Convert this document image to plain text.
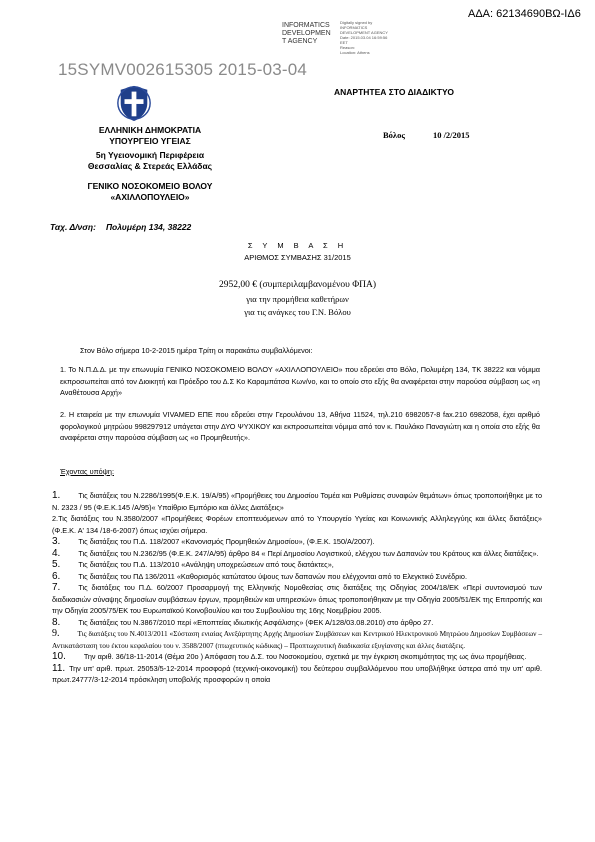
ΑΔΑ: 62134690ΒΩ-ΙΔ6
INFORMATICS
DEVELOPMEN
T AGENCY
Digitally signed by
INFORMATICS
DEVELOPMENT AGENCY
Date: 2015.03.04 16:59:56
EET
Reason:
Location: Athens
15SYMV002615305 2015-03-04
ΑΝΑΡΤΗΤΕΑ ΣΤΟ ΔΙΑΔΙΚΤΥΟ
ΕΛΛΗΝΙΚΗ ΔΗΜΟΚΡΑΤΙΑ
ΥΠΟΥΡΓΕΙΟ ΥΓΕΙΑΣ
5η Υγειονομική Περιφέρεια
Θεσσαλίας & Στερεάς Ελλάδας
ΓΕΝΙΚΟ ΝΟΣΟΚΟΜΕΙΟ ΒΟΛΟΥ
«ΑΧΙΛΛΟΠΟΥΛΕΙΟ»
Βόλος	10 /2/2015
Ταχ. Δ/νση: Πολυμέρη 134, 38222
Σ Υ Μ Β Α Σ Η
ΑΡΙΘΜΟΣ ΣΥΜΒΑΣΗΣ 31/2015
2952,00 € (συμπεριλαμβανομένου ΦΠΑ)
για την προμήθεια καθετήρων
για τις ανάγκες του Γ.Ν. Βόλου
Στον Βόλο σήμερα 10-2-2015 ημέρα Τρίτη οι παρακάτω συμβαλλόμενοι:
1. Το Ν.Π.Δ.Δ. με την επωνυμία ΓΕΝΙΚΟ ΝΟΣΟΚΟΜΕΙΟ ΒΟΛΟΥ «ΑΧΙΛΛΟΠΟΥΛΕΙΟ» που εδρεύει στο Βόλο, Πολυμέρη 134, ΤΚ 38222 και νόμιμα εκπροσωπείται από τον Διοικητή και Πρόεδρο του Δ.Σ Κο Καραμπάτσα Κων/νο, και το οποίο στο εξής θα αναφέρεται στην παρούσα σύμβαση ως «η Αναθέτουσα Αρχή»
2. Η εταιρεία με την επωνυμία VIVAMED ΕΠΕ που εδρεύει στην Γερουλάνου 13, Αθήνα 11524, τηλ.210 6982057-8 fax.210 6982058, έχει αριθμό φορολογικού μητρώου 998297912 υπάγεται στην ΔΥΟ ΨΥΧΙΚΟΥ και εκπροσωπείται νόμιμα από τον κ. Παυλάκο Παναγιώτη και η οποία στο εξής θα αναφέρεται στην παρούσα σύμβαση ως «ο Προμηθευτής».
Έχοντας υπόψη:
1. Τις διατάξεις του Ν.2286/1995(Φ.Ε.Κ. 19/Α/95) «Προμήθειες του Δημοσίου Τομέα και Ρυθμίσεις συναφών θεμάτων» όπως τροποποιήθηκε με το Ν. 2323 / 95 (Φ.Ε.Κ.145 /Α/95)« Υπαίθριο Εμπόριο και άλλες Διατάξεις»
2.Τις διατάξεις του Ν.3580/2007 «Προμήθειες Φορέων εποπτευόμενων από το Υπουργείο Υγείας και Κοινωνικής Αλληλεγγύης και άλλες διατάξεις» (Φ.Ε.Κ. Α' 134 /18-6-2007) όπως ισχύει σήμερα.
3. Τις διατάξεις του Π.Δ. 118/2007 «Κανονισμός Προμηθειών Δημοσίου», (Φ.Ε.Κ. 150/Α/2007).
4. Τις διατάξεις του Ν.2362/95 (Φ.Ε.Κ. 247/Α/95) άρθρο 84 « Περί Δημοσίου Λογιστικού, ελέγχου των Δαπανών του Κράτους και άλλες διατάξεις».
5. Τις διατάξεις του Π.Δ. 113/2010 «Ανάληψη υποχρεώσεων από τους διατάκτες»,
6. Τις διατάξεις του ΠΔ 136/2011 «Καθορισμός κατώτατου ύψους των δαπανών που ελέγχονται από το Ελεγκτικό Συνέδριο.
7. Τις διατάξεις του Π.Δ. 60/2007 Προσαρμογή της Ελληνικής Νομοθεσίας στις διατάξεις της Οδηγίας 2004/18/ΕΚ «Περί συντονισμού των διαδικασιών σύναψης δημοσίων συμβάσεων έργων, προμηθειών και υπηρεσιών» όπως τροποποιήθηκαν με την Οδηγία 2005/51/ΕΚ της Επιτροπής και την Οδηγία 2005/75/ΕΚ του Ευρωπαϊκού Κοινοβουλίου και του Συμβουλίου της 16ης Νοεμβρίου 2005.
8. Τις διατάξεις του Ν.3867/2010 περί «Εποπτείας ιδιωτικής Ασφάλισης» (ΦΕΚ Α/128/03.08.2010) στο άρθρο 27.
9. Τις διατάξεις του Ν.4013/2011 «Σύσταση ενιαίας Ανεξάρτητης Αρχής Δημοσίων Συμβάσεων και Κεντρικού Ηλεκτρονικού Μητρώου Δημοσίων Συμβάσεων – Αντικατάσταση του έκτου κεφαλαίου του ν. 3588/2007 (πτωχευτικός κώδικας) – Προπτωχευτική διαδικασία εξυγίανσης και άλλες διατάξεις.
10. Την αριθ. 36/18-11-2014 (Θέμα 20ο ) Απόφαση του Δ.Σ. του Νοσοκομείου, σχετικά με την έγκριση σκοπιμότητας της ως άνω προμήθειας.
11. Την υπ' αριθ. πρωτ. 25053/5-12-2014 προσφορά (τεχνική-οικονομική) του δεύτερου συμβαλλόμενου που υποβλήθηκε ύστερα από την υπ' αριθ. πρωτ.24777/3-12-2014 πρόσκληση υποβολής προσφορών η οποία
